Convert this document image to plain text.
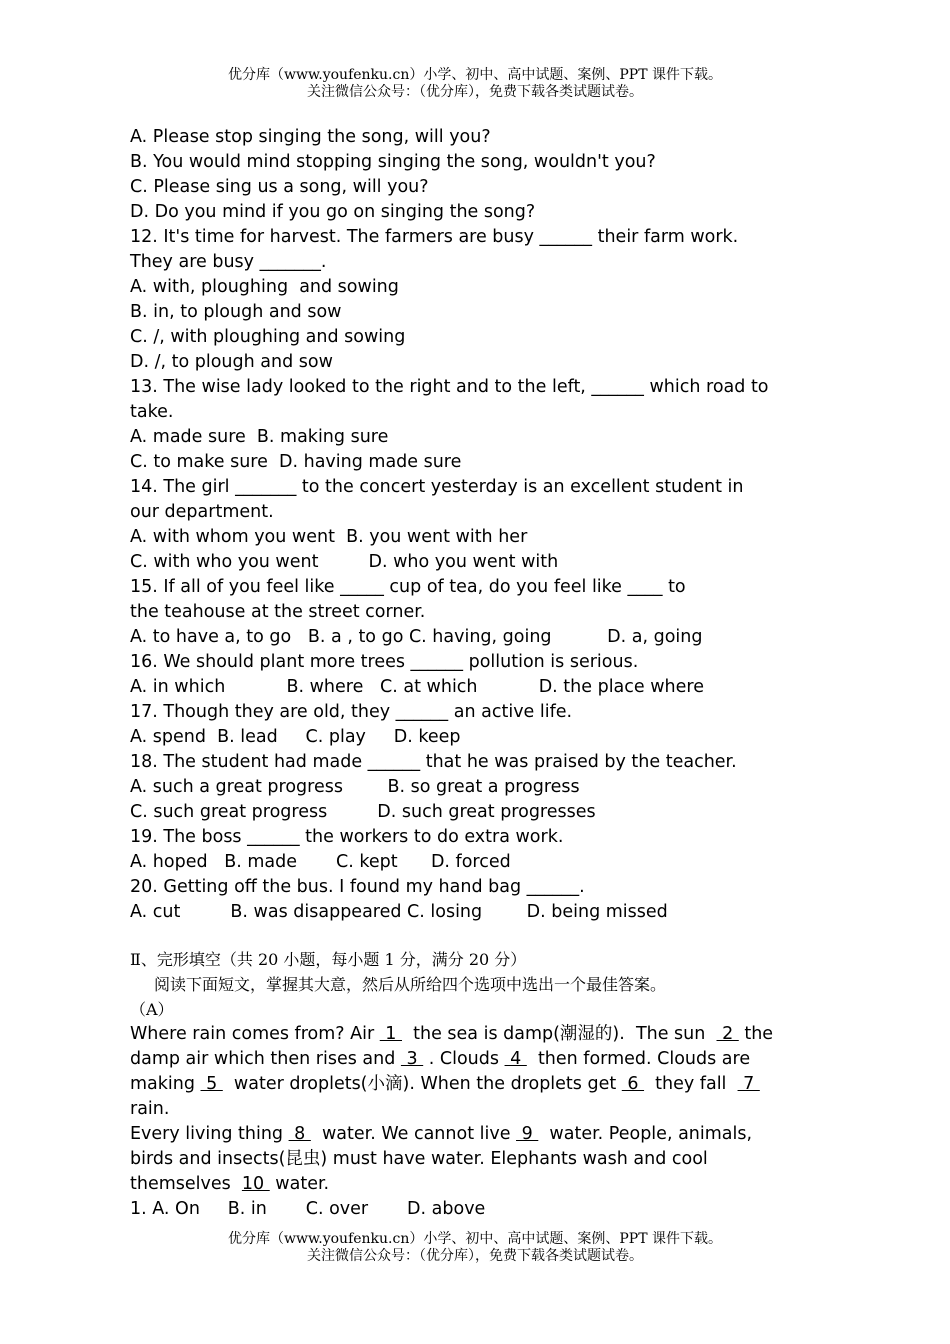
优分库（www.youfenku.cn）小学、初中、高中试题、案例、PPT 课件下载。
关注微信公众号：（优分库），免费下载各类试题试卷。
A. Please stop singing the song, will you?
B. You would mind stopping singing the song, wouldn't you?
C. Please sing us a song, will you?
D. Do you mind if you go on singing the song?
12. It's time for harvest. The farmers are busy ______ their farm work.
They are busy _______.
A. with, ploughing  and sowing
B. in, to plough and sow
C. /, with ploughing and sowing
D. /, to plough and sow
13. The wise lady looked to the right and to the left, ______ which road to
take.
A. made sure  B. making sure
C. to make sure  D. having made sure
14. The girl _______ to the concert yesterday is an excellent student in
our department.
A. with whom you went  B. you went with her
C. with who you went         D. who you went with
15. If all of you feel like _____ cup of tea, do you feel like ____ to
the teahouse at the street corner.
A. to have a, to go   B. a , to go C. having, going          D. a, going
16. We should plant more trees ______ pollution is serious.
A. in which           B. where   C. at which           D. the place where
17. Though they are old, they ______ an active life.
A. spend  B. lead     C. play     D. keep
18. The student had made ______ that he was praised by the teacher.
A. such a great progress        B. so great a progress
C. such great progress         D. such great progresses
19. The boss ______ the workers to do extra work.
A. hoped   B. made       C. kept      D. forced
20. Getting off the bus. I found my hand bag ______.
A. cut         B. was disappeared C. losing        D. being missed
Ⅱ、完形填空（共 20 小题，每小题 1 分，满分 20 分）
阅读下面短文，掌握其大意，然后从所给四个选项中选出一个最佳答案。
（A）
Where rain comes from? Air  1   the sea is damp(潮湿的).  The sun   2  the
damp air which then rises and  3  . Clouds  4   then formed. Clouds are
making  5   water droplets(小滴). When the droplets get  6   they fall   7
rain.
Every living thing  8   water. We cannot live  9   water. People, animals,
birds and insects(昆虫) must have water. Elephants wash and cool
themselves  10  water.
1. A. On     B. in       C. over       D. above
优分库（www.youfenku.cn）小学、初中、高中试题、案例、PPT 课件下载。
关注微信公众号：（优分库），免费下载各类试题试卷。
